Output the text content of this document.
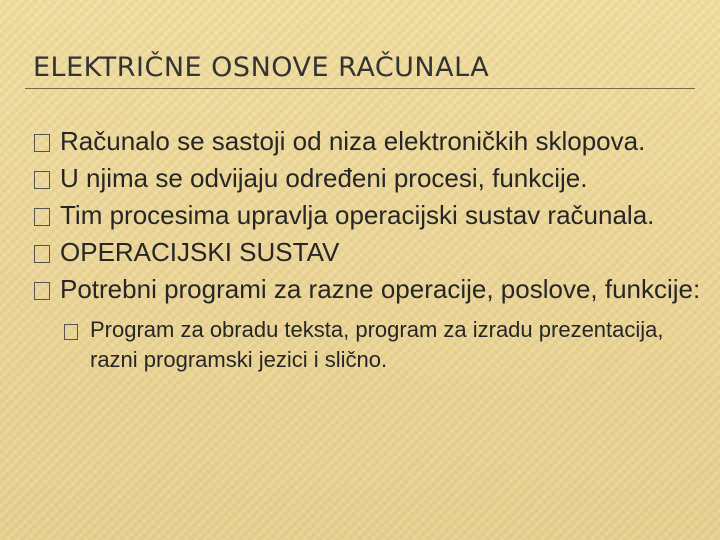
ELEKTRIČNE OSNOVE RAČUNALA
Računalo se sastoji od niza elektroničkih sklopova.
U njima se odvijaju određeni procesi, funkcije.
Tim procesima upravlja operacijski sustav računala.
OPERACIJSKI SUSTAV
Potrebni programi za razne operacije, poslove, funkcije:
Program za obradu teksta, program za izradu prezentacija, razni programski jezici i slično.
